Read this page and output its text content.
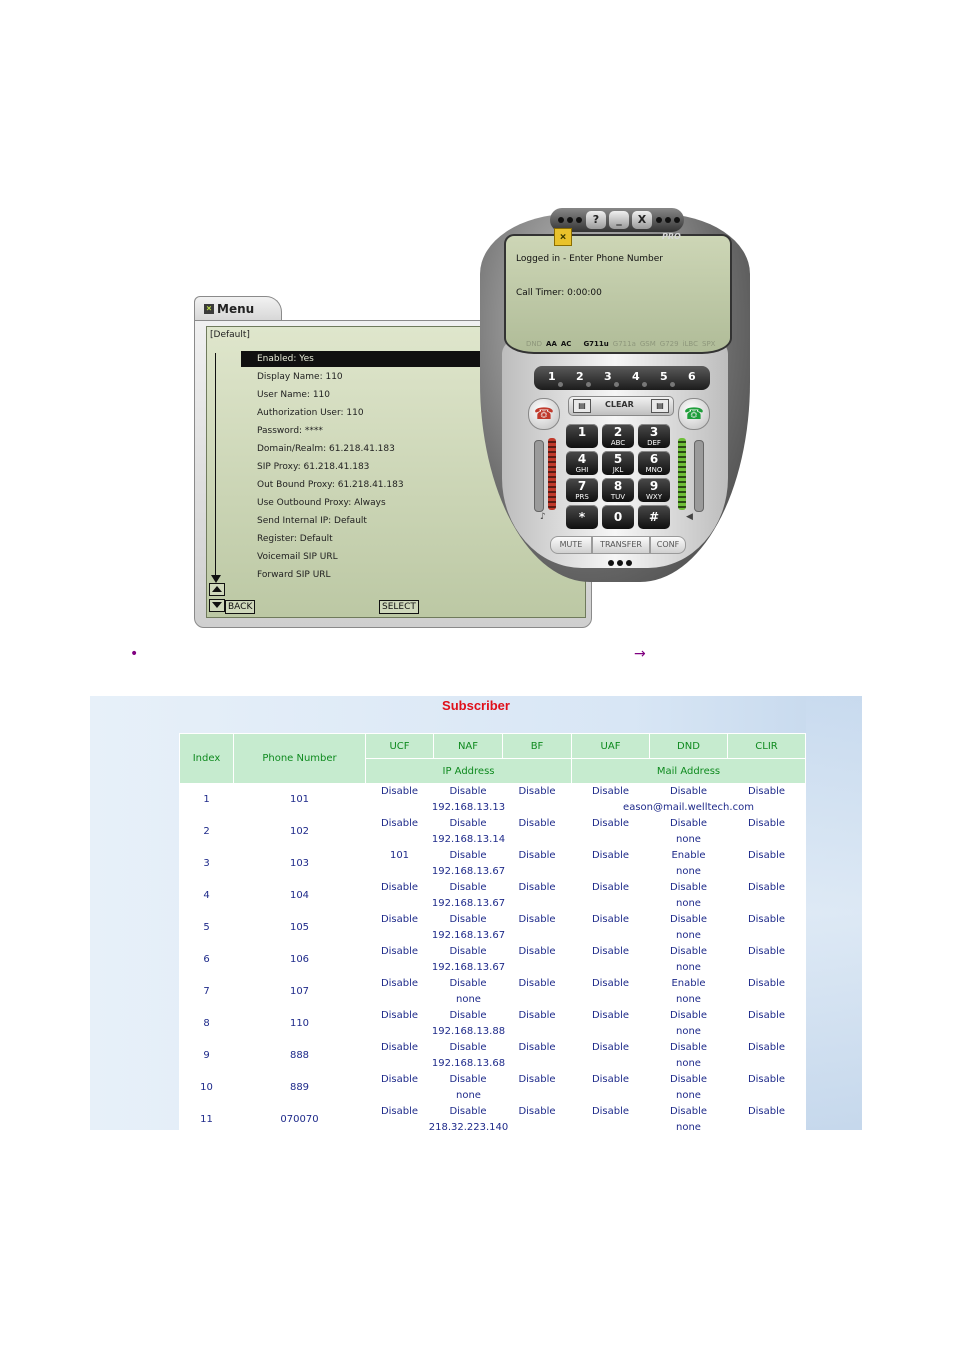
× Menu
[Default]
Enabled: Yes
Display Name: 110
User Name: 110
Authorization User: 110
Password: ****
Domain/Realm: 61.218.41.183
SIP Proxy: 61.218.41.183
Out Bound Proxy: 61.218.41.183
Use Outbound Proxy: Always
Send Internal IP: Default
Register: Default
Voicemail SIP URL
Forward SIP URL
BACK	SELECT
?	_	X
Logged in - Enter Phone Number
Call Timer: 0:00:00
DND AA AC G711u G711a GSM G729 iLBC SPX
×	PRO
1 2 3 4 5 6
☎	☎
▤	CLEAR	▤
1	2
ABC
3
DEF
4
GHI
5
JKL
6
MNO
7
PRS
8
TUV
9
WXY
*	0	#
♪	◀
MUTE	TRANSFER	CONF
•	→
Subscriber
Index	Phone Number	UCF	NAF	BF	UAF	DND	CLIR
		IP Address			Mail Address		
1	101	Disable	Disable	Disable	Disable	Disable	Disable
		192.168.13.13			eason@mail.welltech.com		
2	102	Disable	Disable	Disable	Disable	Disable	Disable
		192.168.13.14			none		
3	103	101	Disable	Disable	Disable	Enable	Disable
		192.168.13.67			none		
4	104	Disable	Disable	Disable	Disable	Disable	Disable
		192.168.13.67			none		
5	105	Disable	Disable	Disable	Disable	Disable	Disable
		192.168.13.67			none		
6	106	Disable	Disable	Disable	Disable	Disable	Disable
		192.168.13.67			none		
7	107	Disable	Disable	Disable	Disable	Enable	Disable
		none			none		
8	110	Disable	Disable	Disable	Disable	Disable	Disable
		192.168.13.88			none		
9	888	Disable	Disable	Disable	Disable	Disable	Disable
		192.168.13.68			none		
10	889	Disable	Disable	Disable	Disable	Disable	Disable
		none			none		
11	070070	Disable	Disable	Disable	Disable	Disable	Disable
		218.32.223.140			none		
